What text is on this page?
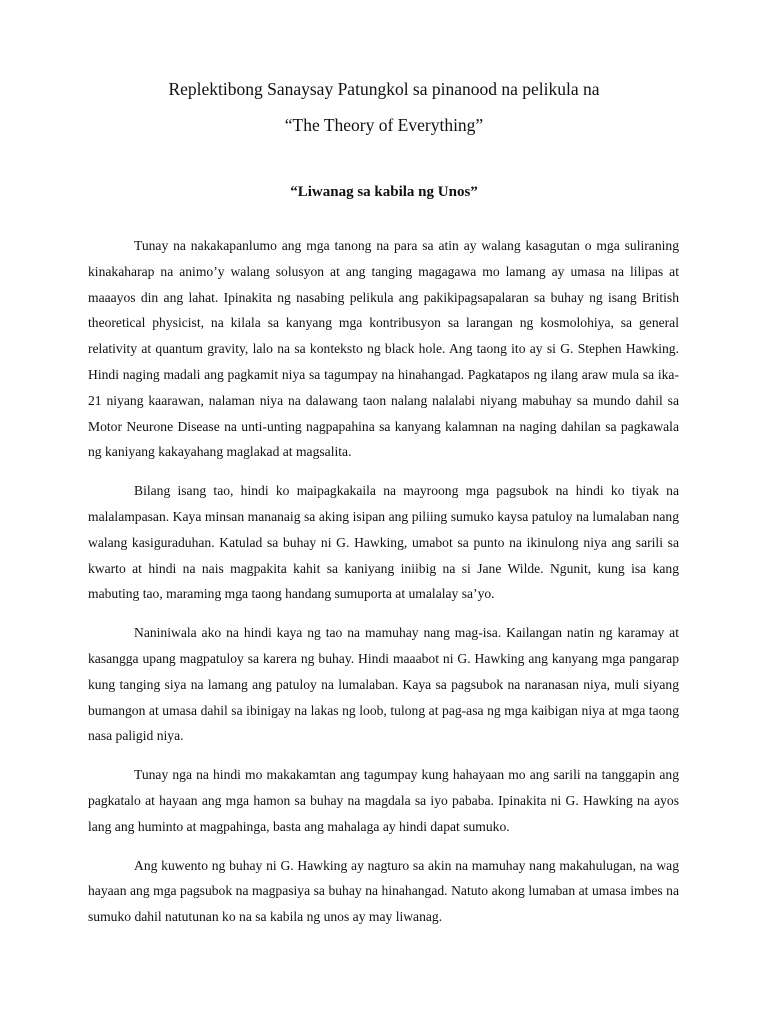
Replektibong Sanaysay Patungkol sa pinanood na pelikula na
“The Theory of Everything”
“Liwanag sa kabila ng Unos”

Tunay na nakakapanlumo ang mga tanong na para sa atin ay walang kasagutan o mga suliraning kinakaharap na animo’y walang solusyon at ang tanging magagawa mo lamang ay umasa na lilipas at maaayos din ang lahat. Ipinakita ng nasabing pelikula ang pakikipagsapalaran sa buhay ng isang British theoretical physicist, na kilala sa kanyang mga kontribusyon sa larangan ng kosmolohiya, sa general relativity at quantum gravity, lalo na sa konteksto ng black hole. Ang taong ito ay si G. Stephen Hawking. Hindi naging madali ang pagkamit niya sa tagumpay na hinahangad. Pagkatapos ng ilang araw mula sa ika-21 niyang kaarawan, nalaman niya na dalawang taon nalang nalalabi niyang mabuhay sa mundo dahil sa Motor Neurone Disease na unti-unting nagpapahina sa kanyang kalamnan na naging dahilan sa pagkawala ng kaniyang kakayahang maglakad at magsalita.

Bilang isang tao, hindi ko maipagkakaila na mayroong mga pagsubok na hindi ko tiyak na malalampasan. Kaya minsan mananaig sa aking isipan ang piliing sumuko kaysa patuloy na lumalaban nang walang kasiguraduhan. Katulad sa buhay ni G. Hawking, umabot sa punto na ikinulong niya ang sarili sa kwarto at hindi na nais magpakita kahit sa kaniyang iniibig na si Jane Wilde. Ngunit, kung isa kang mabuting tao, maraming mga taong handang sumuporta at umalalay sa’yo.

Naniniwala ako na hindi kaya ng tao na mamuhay nang mag-isa. Kailangan natin ng karamay at kasangga upang magpatuloy sa karera ng buhay. Hindi maaabot ni G. Hawking ang kanyang mga pangarap kung tanging siya na lamang ang patuloy na lumalaban. Kaya sa pagsubok na naranasan niya, muli siyang bumangon at umasa dahil sa ibinigay na lakas ng loob, tulong at pag-asa ng mga kaibigan niya at mga taong nasa paligid niya.

Tunay nga na hindi mo makakamtan ang tagumpay kung hahayaan mo ang sarili na tanggapin ang pagkatalo at hayaan ang mga hamon sa buhay na magdala sa iyo pababa. Ipinakita ni G. Hawking na ayos lang ang huminto at magpahinga, basta ang mahalaga ay hindi dapat sumuko.

Ang kuwento ng buhay ni G. Hawking ay nagturo sa akin na mamuhay nang makahulugan, na wag hayaan ang mga pagsubok na magpasiya sa buhay na hinahangad. Natuto akong lumaban at umasa imbes na sumuko dahil natutunan ko na sa kabila ng unos ay may liwanag.
